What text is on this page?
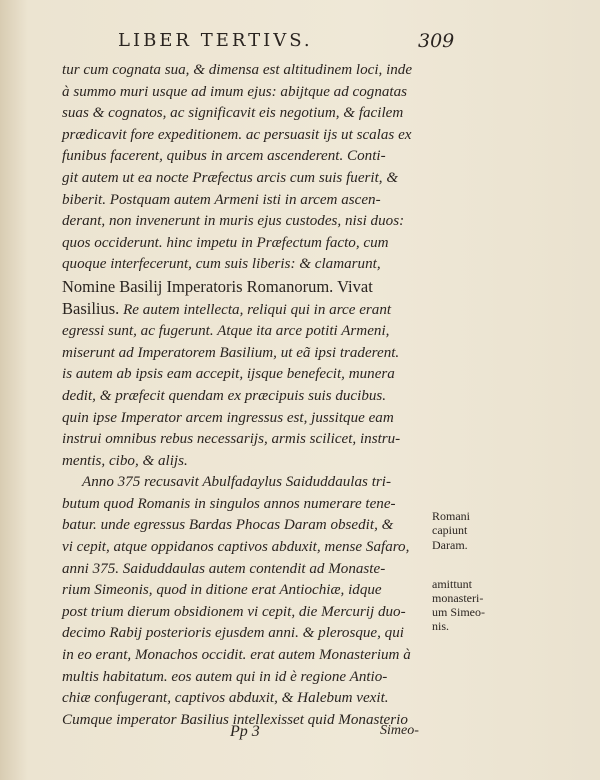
LIBER TERTIVS.	309
tur cum cognata sua, & dimensa est altitudinem loci, inde
à summo muri usque ad imum ejus: abijtque ad cognatas
suas & cognatos, ac significavit eis negotium, & facilem
prædicavit fore expeditionem. ac persuasit ijs ut scalas ex
funibus facerent, quibus in arcem ascenderent. Conti-
git autem ut ea nocte Præfectus arcis cum suis fuerit, &
biberit. Postquam autem Armeni isti in arcem ascen-
derant, non invenerunt in muris ejus custodes, nisi duos:
quos occiderunt. hinc impetu in Præfectum facto, cum
quoque interfecerunt, cum suis liberis: & clamarunt,
Nomine Basilij Imperatoris Romanorum. Vivat
Basilius. Re autem intellecta, reliqui qui in arce erant
egressi sunt, ac fugerunt. Atque ita arce potiti Armeni,
miserunt ad Imperatorem Basilium, ut eã ipsi traderent.
is autem ab ipsis eam accepit, ijsque benefecit, munera
dedit, & præfecit quendam ex præcipuis suis ducibus.
quin ipse Imperator arcem ingressus est, jussitque eam
instrui omnibus rebus necessarijs, armis scilicet, instru-
mentis, cibo, & alijs.
Anno 375 recusavit Abulfadaylus Saiduddaulas tri-
butum quod Romanis in singulos annos numerare tene-
batur. unde egressus Bardas Phocas Daram obsedit, &
vi cepit, atque oppidanos captivos abduxit, mense Safaro,
anni 375. Saiduddaulas autem contendit ad Monaste-
rium Simeonis, quod in ditione erat Antiochiæ, idque
post trium dierum obsidionem vi cepit, die Mercurij duo-
decimo Rabij posterioris ejusdem anni. & plerosque, qui
in eo erant, Monachos occidit. erat autem Monasterium à
multis habitatum. eos autem qui in id è regione Antio-
chiæ confugerant, captivos abduxit, & Halebum vexit.
Cumque imperator Basilius intellexisset quid Monasterio
Romani
capiunt
Daram.
amittunt
monasteri-
um Simeo-
nis.
Pp 3	Simeo-
